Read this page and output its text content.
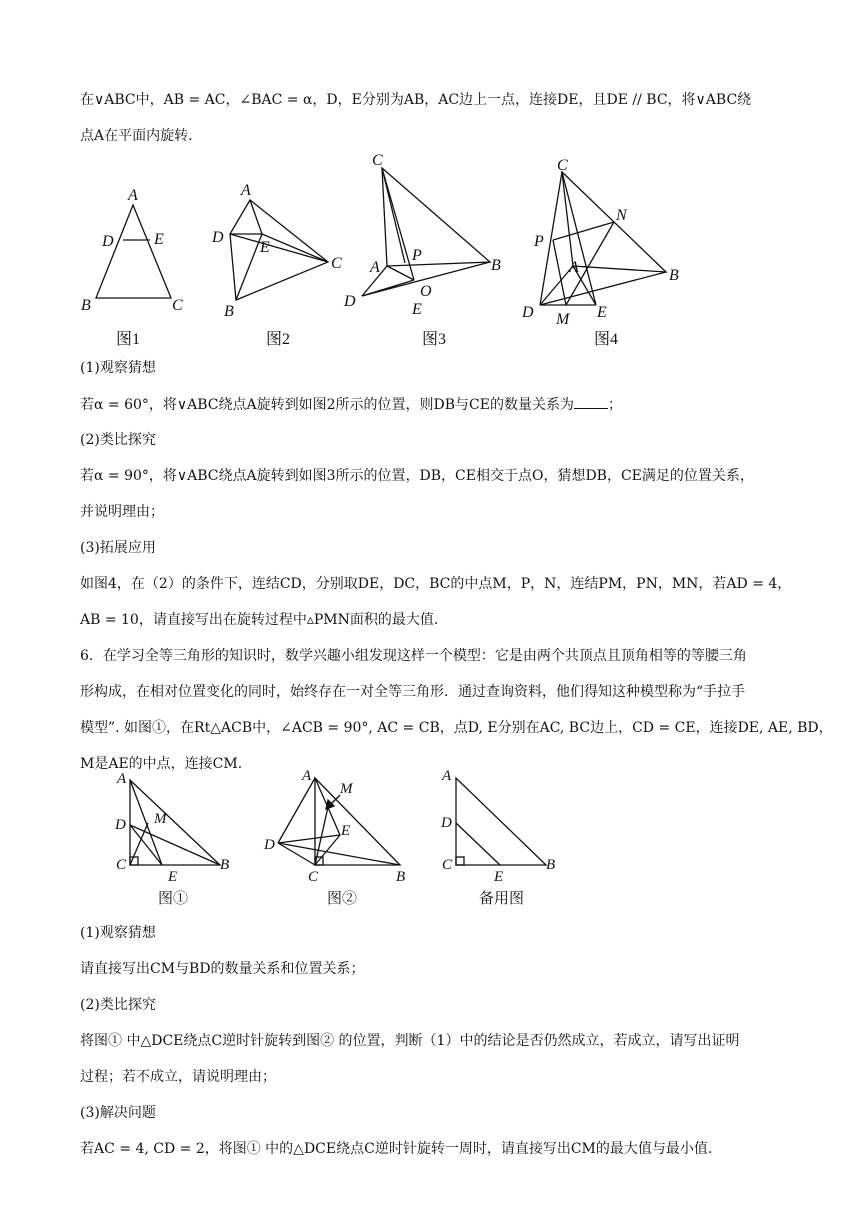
在∨ABC中，AB = AC，∠BAC = α，D，E分别为AB，AC边上一点，连接DE，且DE // BC，将∨ABC绕
点A在平面内旋转.
A
D	E
B	C
A
D
E
C
B
C
P
A	B
O
D	E
C
N
P
A	B
D M E
图1	图2	图3	图4
(1)观察猜想
若α = 60°，将∨ABC绕点A旋转到如图2所示的位置，则DB与CE的数量关系为 ；
(2)类比探究
若α = 90°，将∨ABC绕点A旋转到如图3所示的位置，DB，CE相交于点O，猜想DB，CE满足的位置关系，
并说明理由；
(3)拓展应用
如图4，在（2）的条件下，连结CD，分别取DE，DC，BC的中点M，P，N，连结PM，PN，MN，若AD = 4，
AB = 10，请直接写出在旋转过程中▵PMN面积的最大值.
6．在学习全等三角形的知识时，数学兴趣小组发现这样一个模型：它是由两个共顶点且顶角相等的等腰三角
形构成，在相对位置变化的同时，始终存在一对全等三角形．通过查询资料，他们得知这种模型称为“手拉手
模型”. 如图①，在Rt△ACB中，∠ACB = 90°, AC = CB，点D, E分别在AC, BC边上，CD = CE，连接DE, AE, BD，
M是AE的中点，连接CM.
A
D M
C
E
B
A
M
E
D
C	B
A
D
C
E
B
图①	图②	备用图
(1)观察猜想
请直接写出CM与BD的数量关系和位置关系；
(2)类比探究
将图① 中△DCE绕点C逆时针旋转到图② 的位置，判断（1）中的结论是否仍然成立，若成立，请写出证明
过程；若不成立，请说明理由；
(3)解决问题
若AC = 4, CD = 2，将图① 中的△DCE绕点C逆时针旋转一周时，请直接写出CM的最大值与最小值.
